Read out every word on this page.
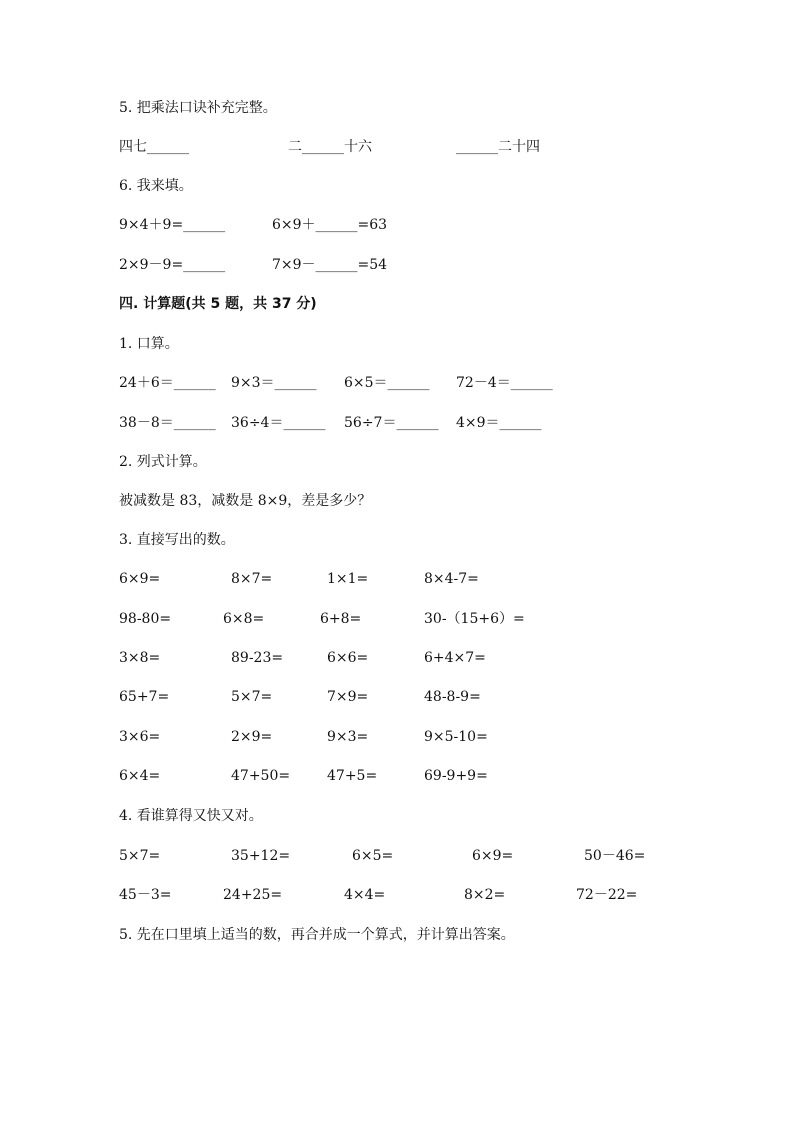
5. 把乘法口诀补充完整。
四七______	二______十六	______二十四
6. 我来填。
9×4＋9=______	6×9＋______=63
2×9－9=______	7×9－______=54
四. 计算题(共 5 题，共 37 分)
1. 口算。
24＋6＝______ 9×3＝______ 6×5＝______ 72－4＝______
38－8＝______ 36÷4＝______ 56÷7＝______ 4×9＝______
2. 列式计算。
被减数是 83，减数是 8×9，差是多少？
3. 直接写出的数。
6×9=	8×7=	1×1=	8×4-7=
98-80=	6×8=	6+8=	30-（15+6）=
3×8=	89-23=	6×6=	6+4×7=
65+7=	5×7=	7×9=	48-8-9=
3×6=	2×9=	9×3=	9×5-10=
6×4=	47+50=	47+5=	69-9+9=
4. 看谁算得又快又对。
5×7=	35+12=	6×5=	6×9=	50－46=
45－3=	24+25=	4×4=	8×2=	72－22=
5. 先在口里填上适当的数，再合并成一个算式，并计算出答案。
